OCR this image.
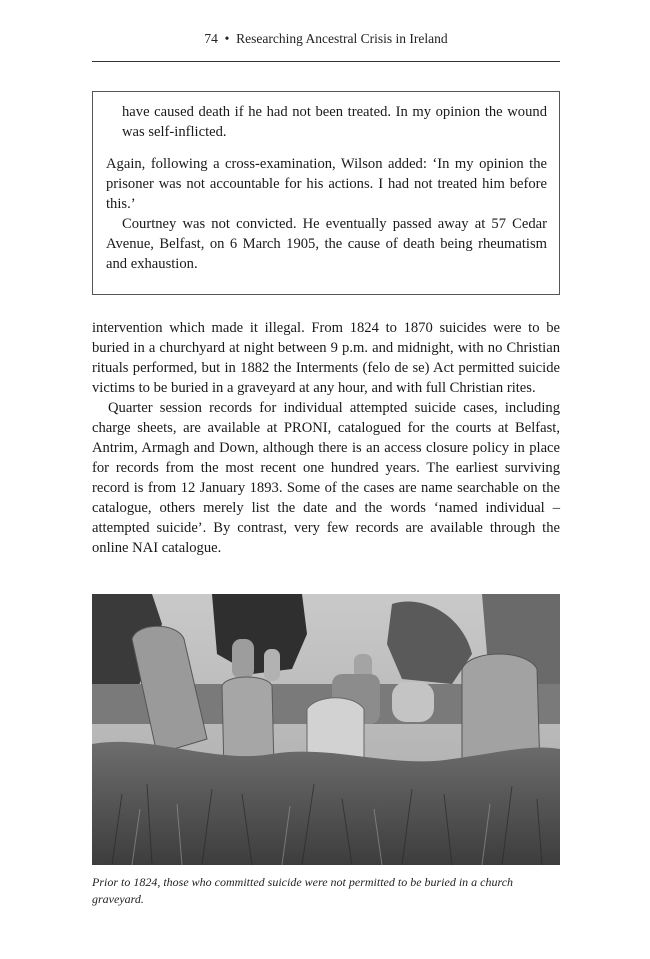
74 • Researching Ancestral Crisis in Ireland

have caused death if he had not been treated. In my opinion the wound was self-inflicted.

Again, following a cross-examination, Wilson added: ‘In my opinion the prisoner was not accountable for his actions. I had not treated him before this.’

Courtney was not convicted. He eventually passed away at 57 Cedar Avenue, Belfast, on 6 March 1905, the cause of death being rheumatism and exhaustion.

intervention which made it illegal. From 1824 to 1870 suicides were to be buried in a churchyard at night between 9 p.m. and midnight, with no Christian rituals performed, but in 1882 the Interments (felo de se) Act permitted suicide victims to be buried in a graveyard at any hour, and with full Christian rites.

Quarter session records for individual attempted suicide cases, including charge sheets, are available at PRONI, catalogued for the courts at Belfast, Antrim, Armagh and Down, although there is an access closure policy in place for records from the most recent one hundred years. The earliest surviving record is from 12 January 1893. Some of the cases are name searchable on the catalogue, others merely list the date and the words ‘named individual – attempted suicide’. By contrast, very few records are available through the online NAI catalogue.

Prior to 1824, those who committed suicide were not permitted to be buried in a church graveyard.
